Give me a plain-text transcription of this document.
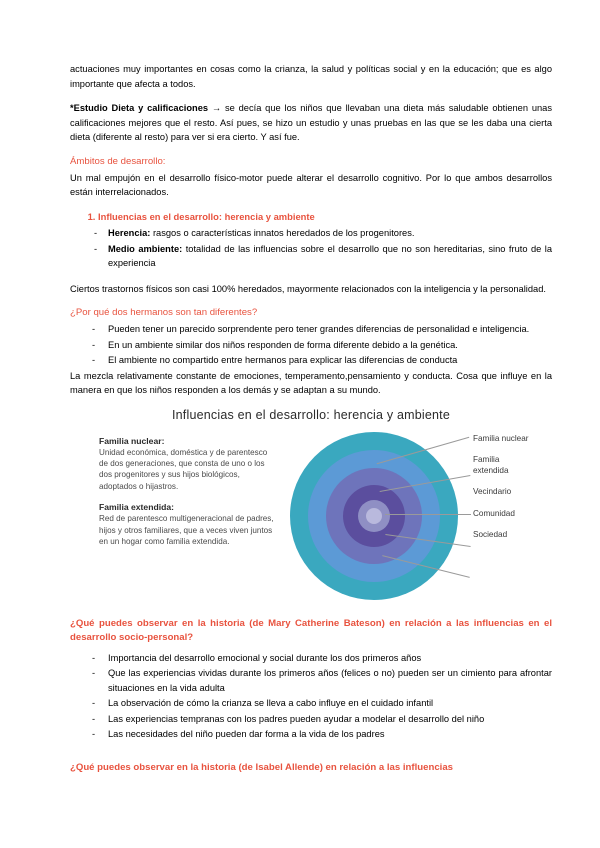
actuaciones muy importantes en cosas como la crianza, la salud y políticas social y en la educación; que es algo importante que afecta a todos.

*Estudio Dieta y calificaciones → se decía que los niños que llevaban una dieta más saludable obtienen unas calificaciones mejores que el resto. Así pues, se hizo un estudio y unas pruebas en las que se les daba una cierta dieta (diferente al resto) para ver si era cierto. Y así fue.

Ámbitos de desarrollo:

Un mal empujón en el desarrollo físico-motor puede alterar el desarrollo cognitivo. Por lo que ambos desarrollos están interrelacionados.

1. Influencias en el desarrollo: herencia y ambiente
- Herencia: rasgos o características innatos heredados de los progenitores.
- Medio ambiente: totalidad de las influencias sobre el desarrollo que no son hereditarias, sino fruto de la experiencia

Ciertos trastornos físicos son casi 100% heredados, mayormente relacionados con la inteligencia y la personalidad.

¿Por qué dos hermanos son tan diferentes?

- Pueden tener un parecido sorprendente pero tener grandes diferencias de personalidad e inteligencia.
- En un ambiente similar dos niños responden de forma diferente debido a la genética.
- El ambiente no compartido entre hermanos para explicar las diferencias de conducta

La mezcla relativamente constante de emociones, temperamento,pensamiento y conducta. Cosa que influye en la manera en que los niños responden a los demás y se adaptan a su mundo.

Influencias en el desarrollo: herencia y ambiente
Familia nuclear:

Unidad económica, doméstica y de parentesco de dos generaciones, que consta de uno o los dos progenitores y sus hijos biológicos, adoptados o hijastros.

Familia extendida:

Red de parentesco multigeneracional de padres, hijos y otros familiares, que a veces viven juntos en un hogar como familia extendida.

Familia nuclear
Familia extendida
Vecindario
Comunidad
Sociedad

¿Qué puedes observar en la historia (de Mary Catherine Bateson) en relación a las influencias en el desarrollo socio-personal?

- Importancia del desarrollo emocional y social durante los dos primeros años
- Que las experiencias vividas durante los primeros años (felices o no) pueden ser un cimiento para afrontar situaciones en la vida adulta
- La observación de cómo la crianza se lleva a cabo influye en el cuidado infantil
- Las experiencias tempranas con los padres pueden ayudar a modelar el desarrollo del niño
- Las necesidades del niño pueden dar forma a la vida de los padres

¿Qué puedes observar en la historia (de Isabel Allende) en relación a las influencias
